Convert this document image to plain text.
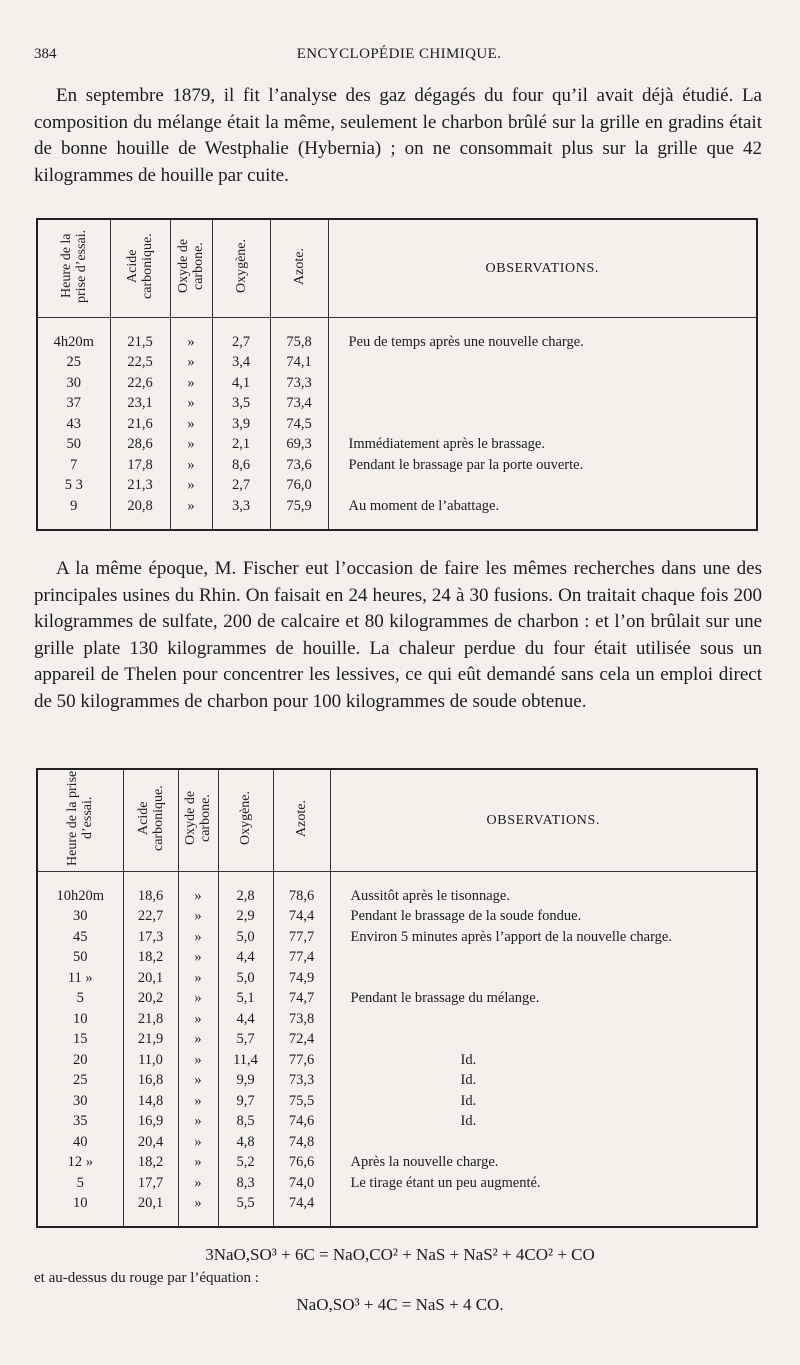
384	ENCYCLOPÉDIE CHIMIQUE.
En septembre 1879, il fit l’analyse des gaz dégagés du four qu’il avait déjà étudié. La composition du mélange était la même, seulement le charbon brûlé sur la grille en gradins était de bonne houille de Westphalie (Hybernia) ; on ne consommait plus sur la grille que 42 kilogrammes de houille par cuite.
Heure de la prise d’essai.	Acide carbonique.	Oxyde de carbone.	Oxygène.	Azote.	OBSERVATIONS.
4h20m	21,5	»	2,7	75,8	Peu de temps après une nouvelle charge.
25	22,5	»	3,4	74,1	
30	22,6	»	4,1	73,3	
37	23,1	»	3,5	73,4	
43	21,6	»	3,9	74,5	
50	28,6	»	2,1	69,3	Immédiatement après le brassage.
7	17,8	»	8,6	73,6	Pendant le brassage par la porte ouverte.
5 3	21,3	»	2,7	76,0	
9	20,8	»	3,3	75,9	Au moment de l’abattage.
A la même époque, M. Fischer eut l’occasion de faire les mêmes recherches dans une des principales usines du Rhin. On faisait en 24 heures, 24 à 30 fusions. On traitait chaque fois 200 kilogrammes de sulfate, 200 de calcaire et 80 kilogrammes de charbon : et l’on brûlait sur une grille plate 130 kilogrammes de houille. La chaleur perdue du four était utilisée sous un appareil de Thelen pour concentrer les lessives, ce qui eût demandé sans cela un emploi direct de 50 kilogrammes de charbon pour 100 kilogrammes de soude obtenue.
Heure de la prise d’essai.	Acide carbonique.	Oxyde de carbone.	Oxygène.	Azote.	OBSERVATIONS.
10h20m	18,6	»	2,8	78,6	Aussitôt après le tisonnage.
30	22,7	»	2,9	74,4	Pendant le brassage de la soude fondue.
45	17,3	»	5,0	77,7	Environ 5 minutes après l’apport de la nouvelle charge.
50	18,2	»	4,4	77,4	
11 »	20,1	»	5,0	74,9	
5	20,2	»	5,1	74,7	Pendant le brassage du mélange.
10	21,8	»	4,4	73,8	
15	21,9	»	5,7	72,4	
20	11,0	»	11,4	77,6	Id.
25	16,8	»	9,9	73,3	Id.
30	14,8	»	9,7	75,5	Id.
35	16,9	»	8,5	74,6	Id.
40	20,4	»	4,8	74,8	
12 »	18,2	»	5,2	76,6	Après la nouvelle charge.
5	17,7	»	8,3	74,0	Le tirage étant un peu augmenté.
10	20,1	»	5,5	74,4	
3NaO,SO³ + 6C = NaO,CO² + NaS + NaS² + 4CO² + CO
et au-dessus du rouge par l’équation :
NaO,SO³ + 4C = NaS + 4 CO.
